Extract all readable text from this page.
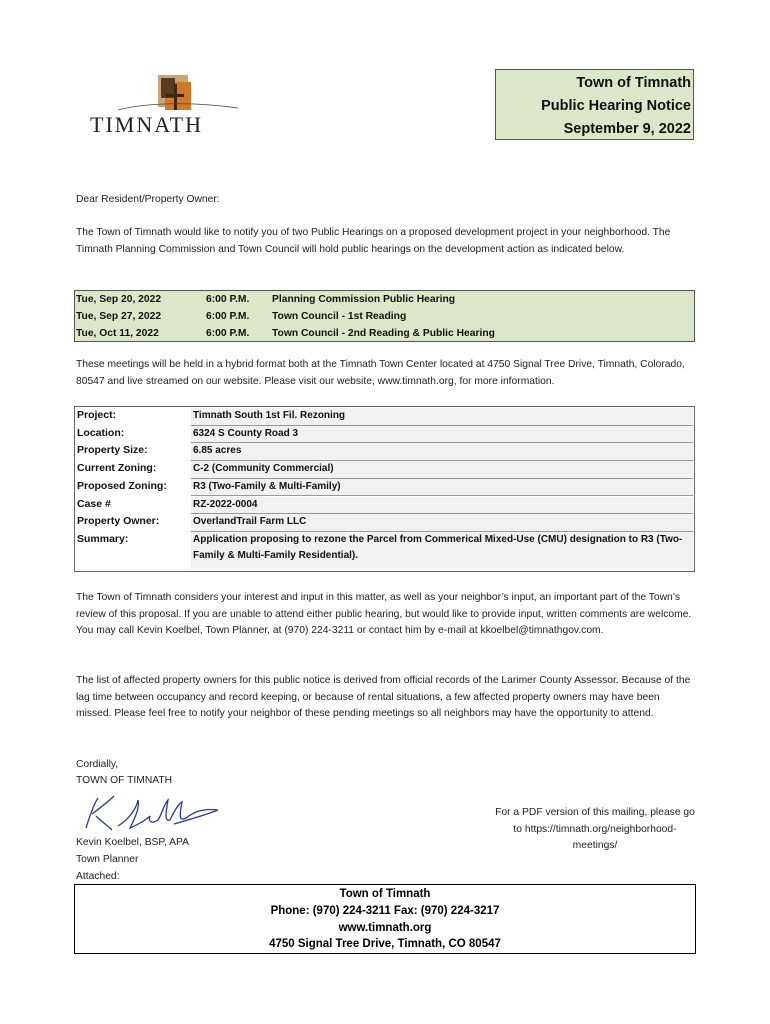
TIMNATH
Town of Timnath
Public Hearing Notice
September 9, 2022
Dear Resident/Property Owner:
The Town of Timnath would like to notify you of two Public Hearings on a proposed development project in your neighborhood. The Timnath Planning Commission and Town Council will hold public hearings on the development action as indicated below.
Tue, Sep 20, 2022	6:00 P.M. Planning Commission Public Hearing
Tue, Sep 27, 2022	6:00 P.M. Town Council - 1st Reading
Tue, Oct 11, 2022	6:00 P.M. Town Council - 2nd Reading & Public Hearing
These meetings will be held in a hybrid format both at the Timnath Town Center located at 4750 Signal Tree Drive, Timnath, Colorado, 80547 and live streamed on our website. Please visit our website, www.timnath.org, for more information.
Project:	Timnath South 1st Fil. Rezoning
Location:	6324 S County Road 3
Property Size:	6.85 acres
Current Zoning:	C-2 (Community Commercial)
Proposed Zoning:	R3 (Two-Family & Multi-Family)
Case #	RZ-2022-0004
Property Owner:	OverlandTrail Farm LLC
Summary:	Application proposing to rezone the Parcel from Commerical Mixed-Use (CMU) designation to R3 (Two-Family & Multi-Family Residential).
The Town of Timnath considers your interest and input in this matter, as well as your neighbor’s input, an important part of the Town’s review of this proposal. If you are unable to attend either public hearing, but would like to provide input, written comments are welcome. You may call Kevin Koelbel, Town Planner, at (970) 224-3211 or contact him by e-mail at kkoelbel@timnathgov.com.
The list of affected property owners for this public notice is derived from official records of the Larimer County Assessor. Because of the lag time between occupancy and record keeping, or because of rental situations, a few affected property owners may have been missed. Please feel free to notify your neighbor of these pending meetings so all neighbors may have the opportunity to attend.
Cordially,
TOWN OF TIMNATH
Kevin Koelbel, BSP, APA
Town Planner
Attached:
For a PDF version of this mailing, please go to https://timnath.org/neighborhood-meetings/
Town of Timnath
Phone: (970) 224-3211 Fax: (970) 224-3217
www.timnath.org
4750 Signal Tree Drive, Timnath, CO 80547
